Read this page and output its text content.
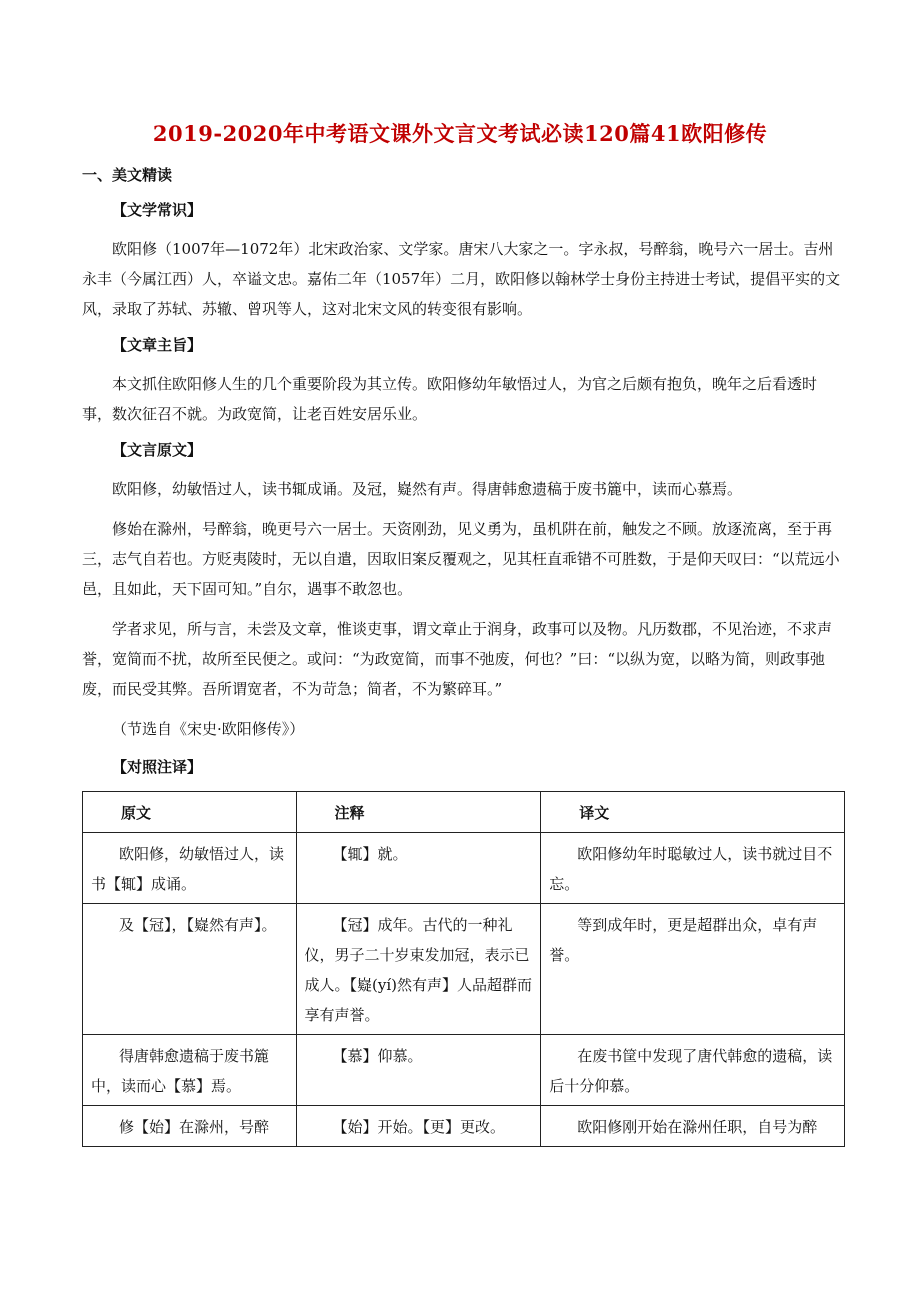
2019-2020年中考语文课外文言文考试必读120篇41欧阳修传
一、美文精读
【文学常识】

欧阳修（1007年—1072年）北宋政治家、文学家。唐宋八大家之一。字永叔，号醉翁，晚号六一居士。吉州永丰（今属江西）人，卒谥文忠。嘉佑二年（1057年）二月，欧阳修以翰林学士身份主持进士考试，提倡平实的文风，录取了苏轼、苏辙、曾巩等人，这对北宋文风的转变很有影响。

【文章主旨】

本文抓住欧阳修人生的几个重要阶段为其立传。欧阳修幼年敏悟过人，为官之后颇有抱负，晚年之后看透时事，数次征召不就。为政宽简，让老百姓安居乐业。

【文言原文】

欧阳修，幼敏悟过人，读书辄成诵。及冠，嶷然有声。得唐韩愈遗稿于废书簏中，读而心慕焉。

修始在滁州，号醉翁，晚更号六一居士。天资刚劲，见义勇为，虽机阱在前，触发之不顾。放逐流离，至于再三，志气自若也。方贬夷陵时，无以自遣，因取旧案反覆观之，见其枉直乖错不可胜数，于是仰天叹曰：“以荒远小邑，且如此，天下固可知。”自尔，遇事不敢忽也。

学者求见，所与言，未尝及文章，惟谈吏事，谓文章止于润身，政事可以及物。凡历数郡，不见治迹，不求声誉，宽简而不扰，故所至民便之。或问：“为政宽简，而事不弛废，何也？”曰：“以纵为宽，以略为简，则政事弛废，而民受其弊。吾所谓宽者，不为苛急；简者，不为繁碎耳。”

（节选自《宋史·欧阳修传》）

【对照注译】
原文	注释	译文
欧阳修，幼敏悟过人，读书【辄】成诵。	【辄】就。	欧阳修幼年时聪敏过人，读书就过目不忘。
及【冠】，【嶷然有声】。	【冠】成年。古代的一种礼仪，男子二十岁束发加冠，表示已成人。【嶷(yí)然有声】人品超群而享有声誉。	等到成年时，更是超群出众，卓有声誉。
得唐韩愈遗稿于废书簏中，读而心【慕】焉。	【慕】仰慕。	在废书筐中发现了唐代韩愈的遗稿，读后十分仰慕。
修【始】在滁州，号醉	【始】开始。【更】更改。	欧阳修刚开始在滁州任职，自号为醉
